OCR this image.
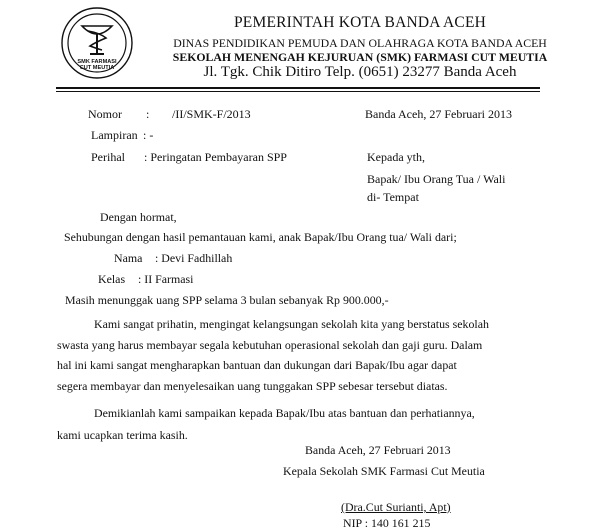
SMK FARMASI
CUT MEUTIA
PEMERINTAH KOTA BANDA ACEH
DINAS PENDIDIKAN PEMUDA DAN OLAHRAGA KOTA BANDA ACEH
SEKOLAH MENENGAH KEJURUAN (SMK) FARMASI CUT MEUTIA
Jl. Tgk. Chik Ditiro Telp. (0651) 23277 Banda Aceh
Nomor : /II/SMK-F/2013	Banda Aceh, 27 Februari 2013
Lampiran : -
Perihal : Peringatan Pembayaran SPP	Kepada yth,
Bapak/ Ibu Orang Tua / Wali
di- Tempat
Dengan hormat,
Sehubungan dengan hasil pemantauan kami, anak Bapak/Ibu Orang tua/ Wali dari;
Nama : Devi Fadhillah
Kelas : II Farmasi
Masih menunggak uang SPP selama 3 bulan sebanyak Rp 900.000,-
Kami sangat prihatin, mengingat kelangsungan sekolah kita yang berstatus sekolah
swasta yang harus membayar segala kebutuhan operasional sekolah dan gaji guru. Dalam
hal ini kami sangat mengharapkan bantuan dan dukungan dari Bapak/Ibu agar dapat
segera membayar dan menyelesaikan uang tunggakan SPP sebesar tersebut diatas.
Demikianlah kami sampaikan kepada Bapak/Ibu atas bantuan dan perhatiannya,
kami ucapkan terima kasih.
Banda Aceh, 27 Februari 2013
Kepala Sekolah SMK Farmasi Cut Meutia
(Dra.Cut Surianti, Apt)
NIP : 140 161 215
